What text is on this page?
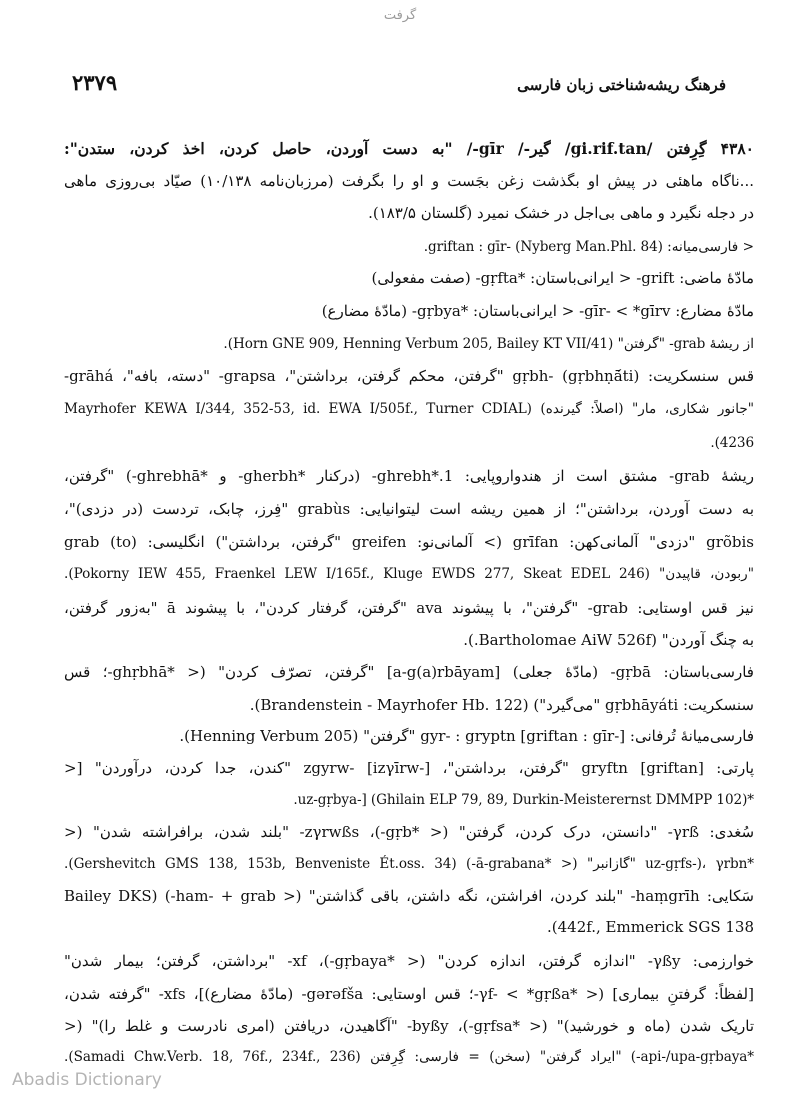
گرفت
۲۳۷۹	فرهنگ ریشه‌شناختی زبان فارسی
۴۳۸۰ گِرِفتن /gi.rif.tan/ گیر-/ gīr-/ "به دست آوردن، حاصل کردن، اخذ کردن، ستدن":
...ناگاه ماهئی در پیش او بگذشت زغن بجَست و او را بگرفت (مرزبان‌نامه ۱۰/۱۳۸) صیّاد بی‌روزی ماهی
در دجله نگیرد و ماهی بی‌اجل در خشک نمیرد (گلستان ۱۸۳/۵).
< فارسی‌میانه: griftan : gīr- (Nyberg Man.Phl. 84).
مادّهٔ ماضی: grift- < ایرانی‌باستان: *gṛfta- (صفت مفعولی)
مادّهٔ مضارع: gīr- < *gīrv- < ایرانی‌باستان: *gṛbya- (مادّهٔ مضارع)
از ریشهٔ grab- "گرفتن" (Horn GNE 909, Henning Verbum 205, Bailey KT VII/41).
قس سنسکریت: gṛbh- (gṛbhṇā́ti) "گرفتن، محکم گرفتن، برداشتن"، grapsa- "دسته، بافه"، grāhá-
"جانور شکاری، مار" (اصلاً: گیرنده) (Mayrhofer KEWA I/344, 352-53, id. EWA I/505f., Turner CDIAL
4236).
ریشهٔ grab- مشتق است از هندواروپایی: 1.*ghrebh- (درکنار *gherbh- و *ghrebhā-) "گرفتن،
به دست آوردن، برداشتن"؛ از همین ریشه است لیتوانیایی: grabùs "فِرز، چابک، تردست (در دزدی)"،
grõbis "دزدی" آلمانی‌کهن: grīfan (> آلمانی‌نو: greifen "گرفتن، برداشتن") انگلیسی: (to) grab
"ربودن، قاپیدن" (Pokorny IEW 455, Fraenkel LEW I/165f., Kluge EWDS 277, Skeat EDEL 246).
نیز قس اوستایی: grab- "گرفتن"، با پیشوند ava "گرفتن، گرفتار کردن"، با پیشوند ā "به‌زور گرفتن،
به چنگ آوردن" (Bartholomae AiW 526f.).
فارسی‌باستان: gṛbā- (مادّهٔ جعلی) [a-g(a)rbāyam] "گرفتن، تصرّف کردن" (< *ghṛbhā-؛ قس
سنسکریت: gṛbhāyáti "می‌گیرد") (Brandenstein - Mayrhofer Hb. 122).
فارسی‌میانهٔ تُرفانی: gyr- : gryptn [griftan : gīr-] "گرفتن" (Henning Verbum 205).
پارتی: gryftn [griftan] "گرفتن، برداشتن"، zgyrw- [izγīrw-] "کندن، جدا کردن، درآوردن" [<
*uz-gṛbya-] (Ghilain ELP 79, 89, Durkin-Meisterernst DMMPP 102).
سُغدی: γrß- "دانستن، درک کردن، گرفتن" (< *gṛb-)، zγrwßs- "بلند شدن، برافراشته شدن" (<
*uz-gṛfs-)، γrbn "گازانبر" (< *ā-grabana-) (Gershevitch GMS 138, 153b, Benveniste Ét.oss. 34).
سَکایی: haṃgrīh- "بلند کردن، افراشتن، نگه داشتن، باقی گذاشتن" (< ham- + grab-) (Bailey DKS
442f., Emmerick SGS 138).
خوارزمی: γßy- "اندازه گرفتن، اندازه کردن" (< *gṛbaya-)، xf- "برداشتن، گرفتن؛ بیمار شدن"
[لفظاً: گرفتنِ بیماری] (< *γf- < *gṛßa-؛ قس اوستایی: gərəfša- (مادّهٔ مضارع)]، xfs- "گرفته شدن،
تاریک شدن (ماه و خورشید)" (< *gṛfsa-)، byßy- "آگاهیدن، دریافتن (امری نادرست و غلط را)" (<
*api-/upa-gṛbaya-) "ایراد گرفتن" (سخن) = فارسی: گِرِفتن (Samadi Chw.Verb. 18, 76f., 234f., 236).
Abadis Dictionary
